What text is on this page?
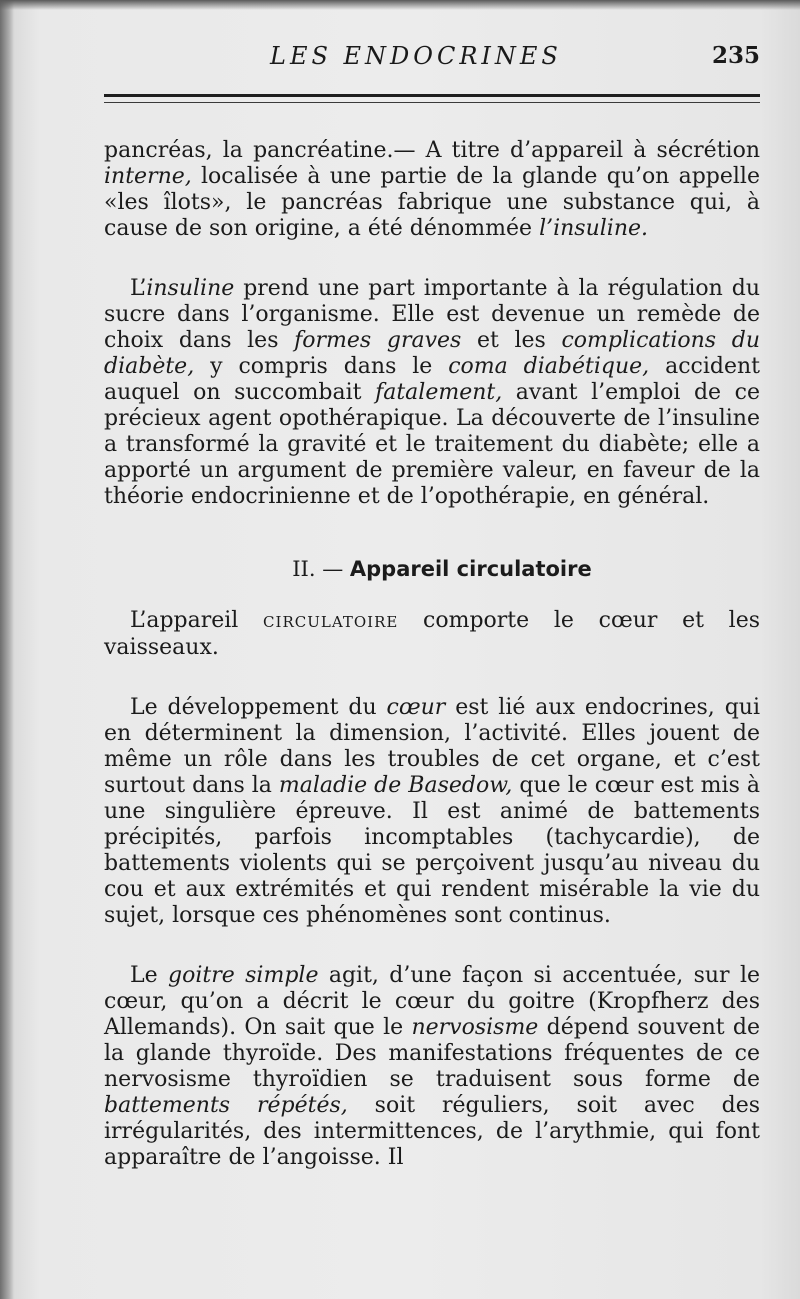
LES ENDOCRINES	235

pancréas, la pancréatine.— A titre d’appareil à sécrétion interne, localisée à une partie de la glande qu’on appelle «les îlots», le pancréas fabrique une substance qui, à cause de son origine, a été dénommée l’insuline.

L’insuline prend une part importante à la régulation du sucre dans l’organisme. Elle est devenue un remède de choix dans les formes graves et les complications du diabète, y compris dans le coma diabétique, accident auquel on succombait fatalement, avant l’emploi de ce précieux agent opothérapique. La découverte de l’insuline a transformé la gravité et le traitement du diabète; elle a apporté un argument de première valeur, en faveur de la théorie endocrinienne et de l’opothérapie, en général.

II. — Appareil circulatoire

L’appareil CIRCULATOIRE comporte le cœur et les vaisseaux.

Le développement du cœur est lié aux endocrines, qui en déterminent la dimension, l’activité. Elles jouent de même un rôle dans les troubles de cet organe, et c’est surtout dans la maladie de Basedow, que le cœur est mis à une singulière épreuve. Il est animé de battements précipités, parfois incomptables (tachycardie), de battements violents qui se perçoivent jusqu’au niveau du cou et aux extrémités et qui rendent misérable la vie du sujet, lorsque ces phénomènes sont continus.

Le goitre simple agit, d’une façon si accentuée, sur le cœur, qu’on a décrit le cœur du goitre (Kropfherz des Allemands). On sait que le nervosisme dépend souvent de la glande thyroïde. Des manifestations fréquentes de ce nervosisme thyroïdien se traduisent sous forme de battements répétés, soit réguliers, soit avec des irrégularités, des intermittences, de l’arythmie, qui font apparaître de l’angoisse. Il
